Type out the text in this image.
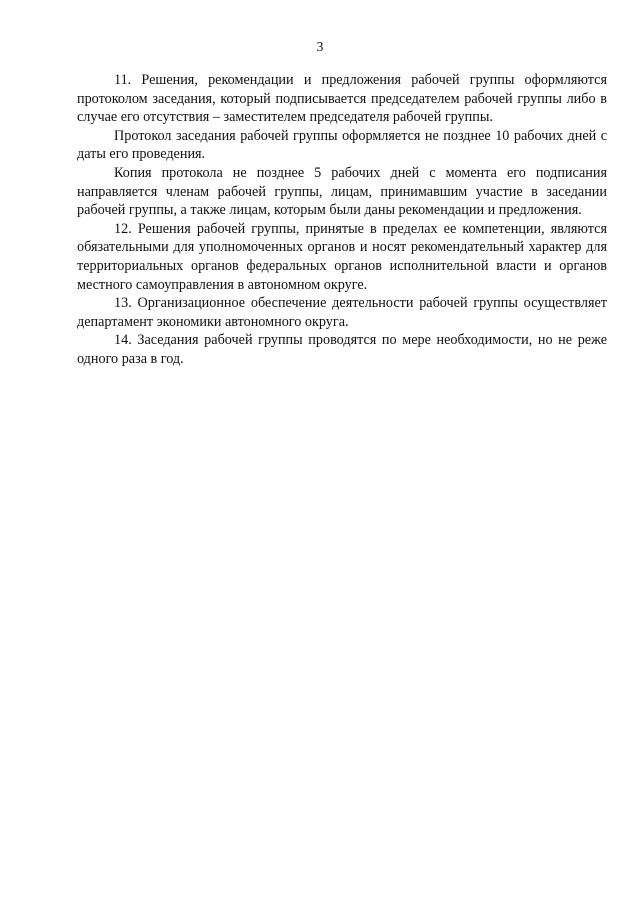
3

11. Решения, рекомендации и предложения рабочей группы оформляются протоколом заседания, который подписывается председателем рабочей группы либо в случае его отсутствия – заместителем председателя рабочей группы.

Протокол заседания рабочей группы оформляется не позднее 10 рабочих дней с даты его проведения.

Копия протокола не позднее 5 рабочих дней с момента его подписания направляется членам рабочей группы, лицам, принимавшим участие в заседании рабочей группы, а также лицам, которым были даны рекомендации и предложения.

12. Решения рабочей группы, принятые в пределах ее компетенции, являются обязательными для уполномоченных органов и носят рекомендательный характер для территориальных органов федеральных органов исполнительной власти и органов местного самоуправления в автономном округе.

13. Организационное обеспечение деятельности рабочей группы осуществляет департамент экономики автономного округа.

14. Заседания рабочей группы проводятся по мере необходимости, но не реже одного раза в год.
